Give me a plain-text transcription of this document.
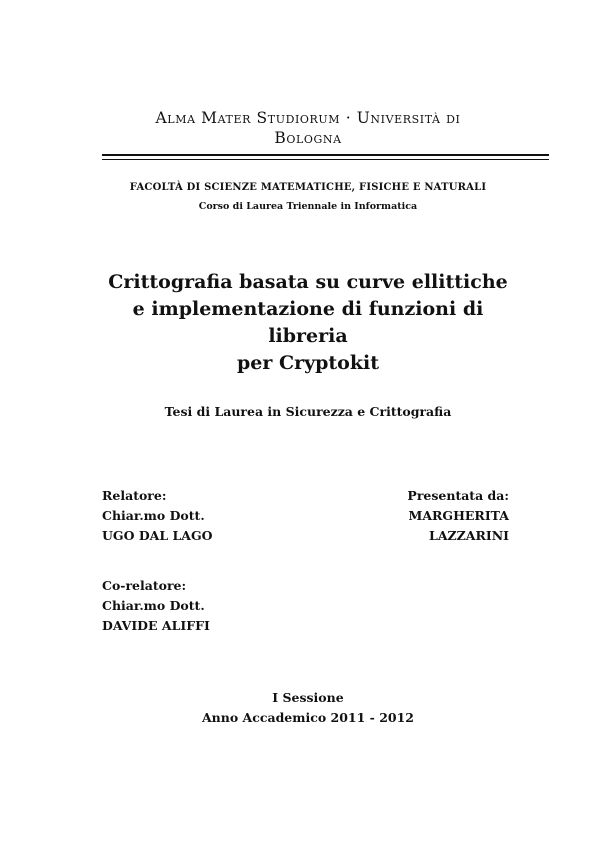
Alma Mater Studiorum · Università di
Bologna
FACOLTÀ DI SCIENZE MATEMATICHE, FISICHE E NATURALI
Corso di Laurea Triennale in Informatica
Crittografia basata su curve ellittiche
e implementazione di funzioni di libreria
per Cryptokit
Tesi di Laurea in Sicurezza e Crittografia
Relatore:
Chiar.mo Dott.
UGO DAL LAGO
Presentata da:
MARGHERITA
LAZZARINI
Co-relatore:
Chiar.mo Dott.
DAVIDE ALIFFI
I Sessione
Anno Accademico 2011 - 2012
